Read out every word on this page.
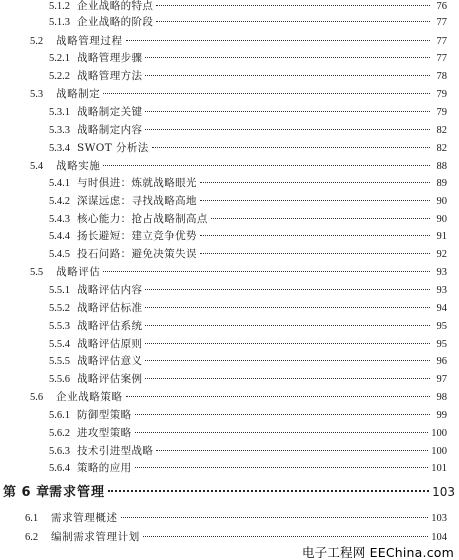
5.1.2 企业战略的特点	76
5.1.3 企业战略的阶段	77
5.2	战略管理过程	77
5.2.1 战略管理步骤	77
5.2.2 战略管理方法	78
5.3	战略制定	79
5.3.1 战略制定关键	79
5.3.3 战略制定内容	82
5.3.4 SWOT 分析法	82
5.4	战略实施	88
5.4.1 与时俱进：炼就战略眼光	89
5.4.2 深谋远虑：寻找战略高地	90
5.4.3 核心能力：抢占战略制高点	90
5.4.4 扬长避短：建立竞争优势	91
5.4.5 投石问路：避免决策失误	92
5.5	战略评估	93
5.5.1 战略评估内容	93
5.5.2 战略评估标准	94
5.5.3 战略评估系统	95
5.5.4 战略评估原则	95
5.5.5 战略评估意义	96
5.5.6 战略评估案例	97
5.6	企业战略策略	98
5.6.1 防御型策略	99
5.6.2 进攻型策略	100
5.6.3 技术引进型战略	100
5.6.4 策略的应用	101
第 6 章 需求管理	103
6.1	需求管理概述	103
6.2	编制需求管理计划	104
电子工程网 EEChina.com
